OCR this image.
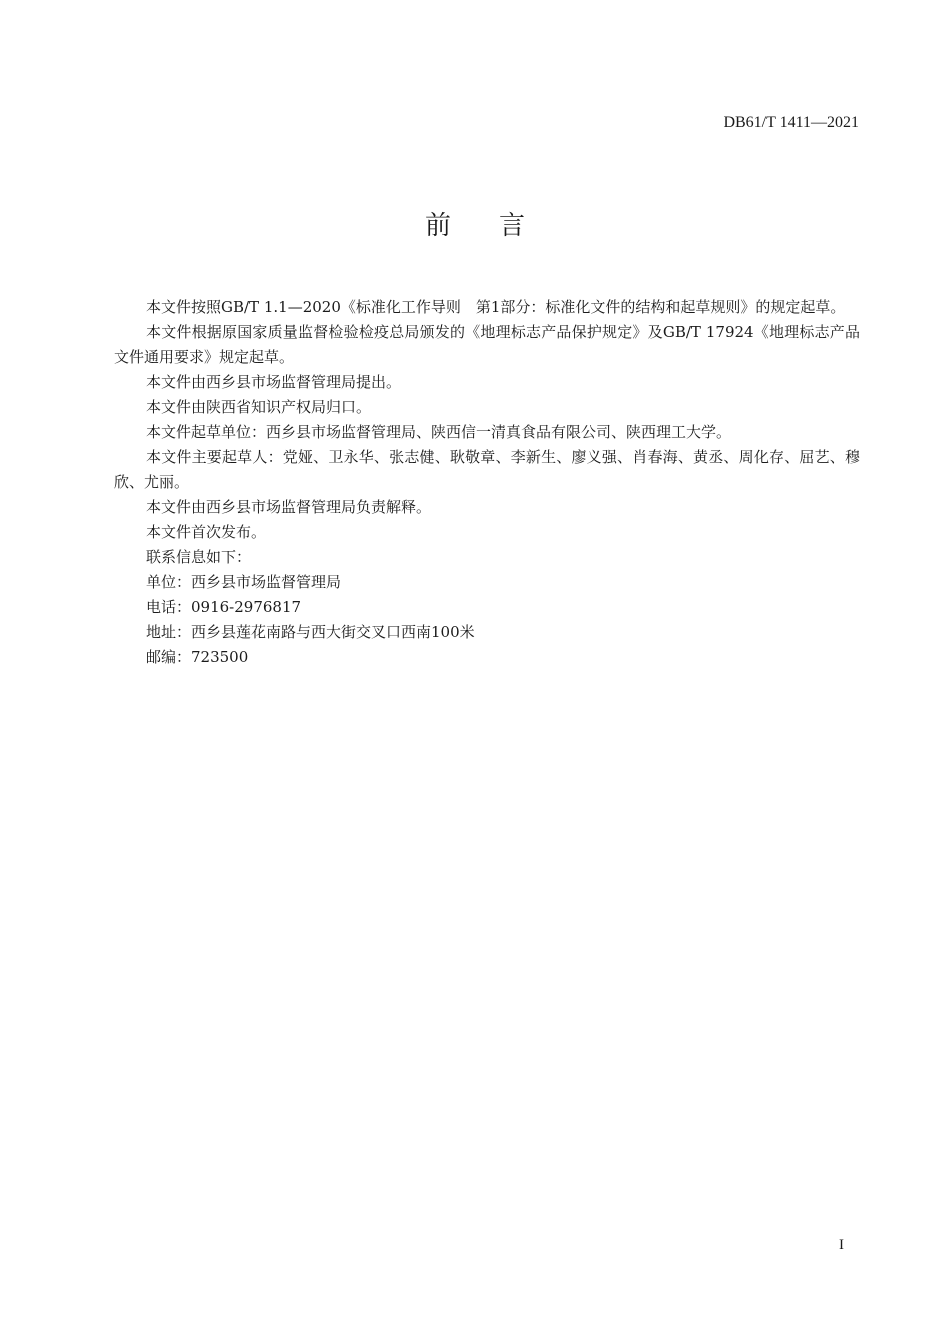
DB61/T 1411—2021
前 言

本文件按照GB/T 1.1—2020《标准化工作导则　第1部分：标准化文件的结构和起草规则》的规定起草。

本文件根据原国家质量监督检验检疫总局颁发的《地理标志产品保护规定》及GB/T 17924《地理标志产品文件通用要求》规定起草。

本文件由西乡县市场监督管理局提出。

本文件由陕西省知识产权局归口。

本文件起草单位：西乡县市场监督管理局、陕西信一清真食品有限公司、陕西理工大学。

本文件主要起草人：党娅、卫永华、张志健、耿敬章、李新生、廖义强、肖春海、黄丞、周化存、屈艺、穆欣、尤丽。

本文件由西乡县市场监督管理局负责解释。

本文件首次发布。

联系信息如下：

单位：西乡县市场监督管理局

电话：0916-2976817

地址：西乡县莲花南路与西大街交叉口西南100米

邮编：723500

I
